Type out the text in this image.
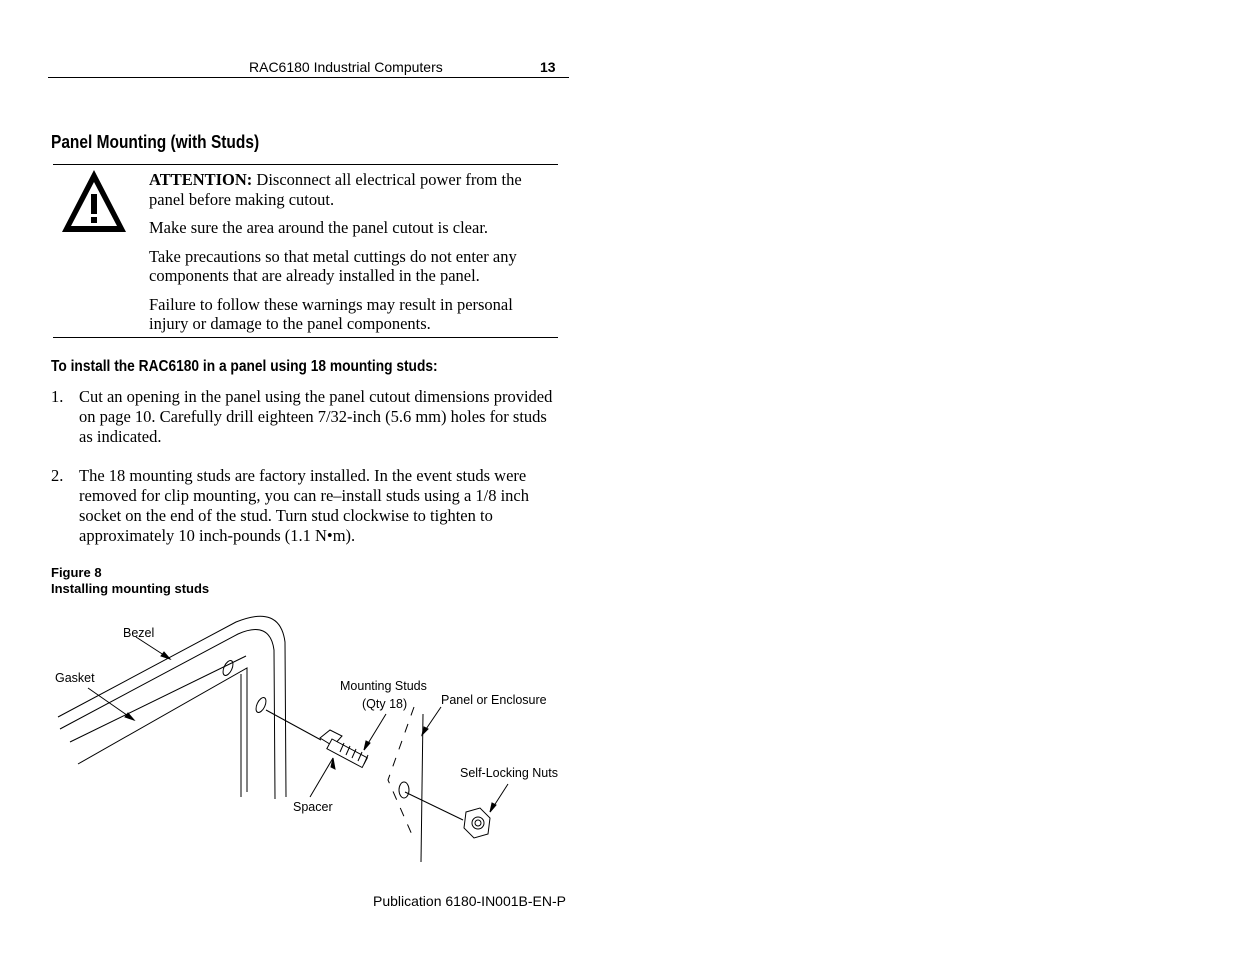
RAC6180 Industrial Computers	13
Panel Mounting (with Studs)

ATTENTION: Disconnect all electrical power from the panel before making cutout.

Make sure the area around the panel cutout is clear.

Take precautions so that metal cuttings do not enter any components that are already installed in the panel.

Failure to follow these warnings may result in personal injury or damage to the panel components.

To install the RAC6180 in a panel using 18 mounting studs:
1. Cut an opening in the panel using the panel cutout dimensions provided on page 10. Carefully drill eighteen 7/32-inch (5.6 mm) holes for studs as indicated.
2. The 18 mounting studs are factory installed. In the event studs were removed for clip mounting, you can re–install studs using a 1/8 inch socket on the end of the stud. Turn stud clockwise to tighten to approximately 10 inch-pounds (1.1 N•m).
Figure 8
Installing mounting studs
Bezel
Gasket
Mounting Studs
(Qty 18)	Panel or Enclosure
Self-Locking Nuts
Spacer
Publication 6180-IN001B-EN-P
